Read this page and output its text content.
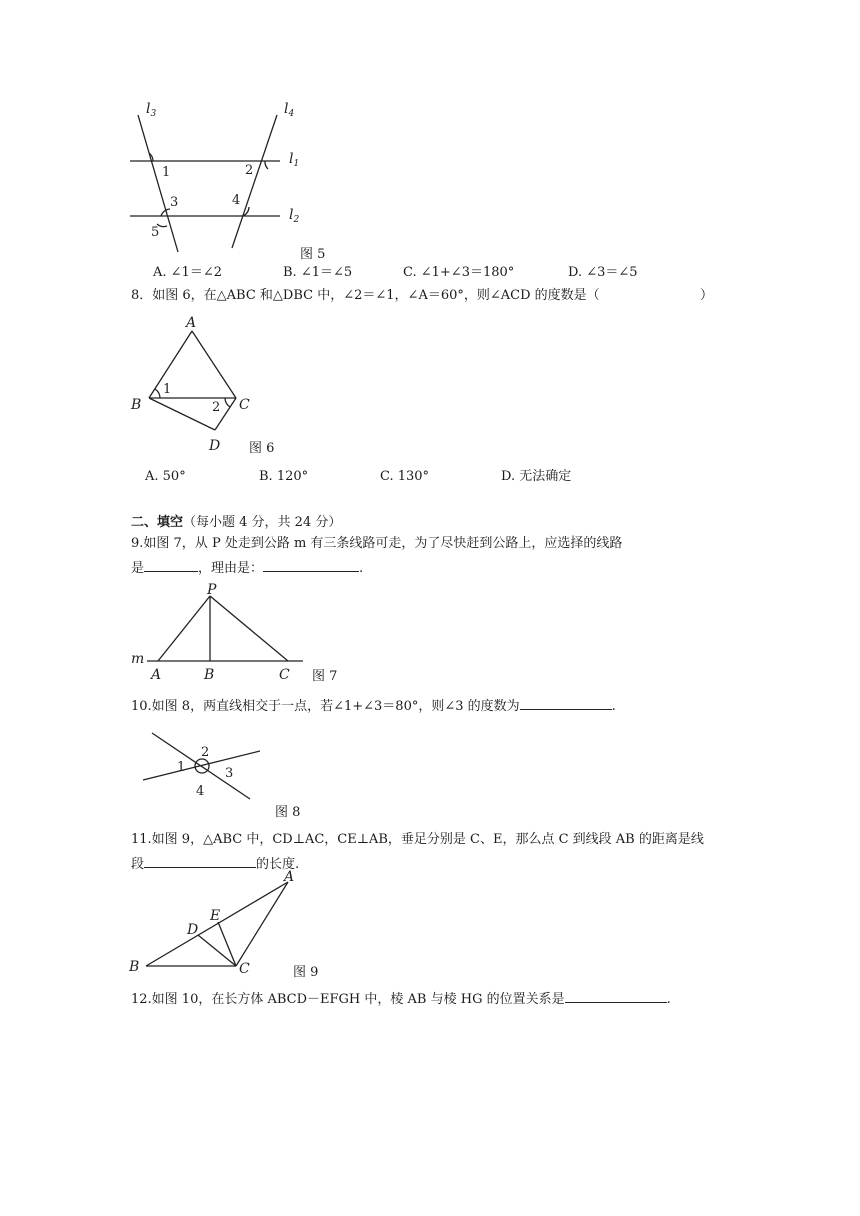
$l_3$	$l_4$
$l_1$
$l_2$
1	2
3	4
5
图 5
A. ∠1＝∠2	B. ∠1＝∠5	C. ∠1+∠3＝180°	D. ∠3＝∠5
8．如图 6，在△ABC 和△DBC 中，∠2＝∠1，∠A＝60°，则∠ACD 的度数是（	）
A
B	C
D
1
2
图 6
A. 50°	B. 120°	C. 130°	D. 无法确定
二、填空（每小题 4 分，共 24 分）
9.如图 7，从 P 处走到公路 m 有三条线路可走，为了尽快赶到公路上，应选择的线路
是	，理由是：	.
P
m
A	B	C 图 7
10.如图 8，两直线相交于一点，若∠1+∠3＝80°，则∠3 的度数为	.
2
1	3
4
图 8
11.如图 9，△ABC 中，CD⊥AC，CE⊥AB，垂足分别是 C、E，那么点 C 到线段 AB 的距离是线
段	的长度.
A
E
D
B	C	图 9
12.如图 10，在长方体 ABCD－EFGH 中，棱 AB 与棱 HG 的位置关系是	.
